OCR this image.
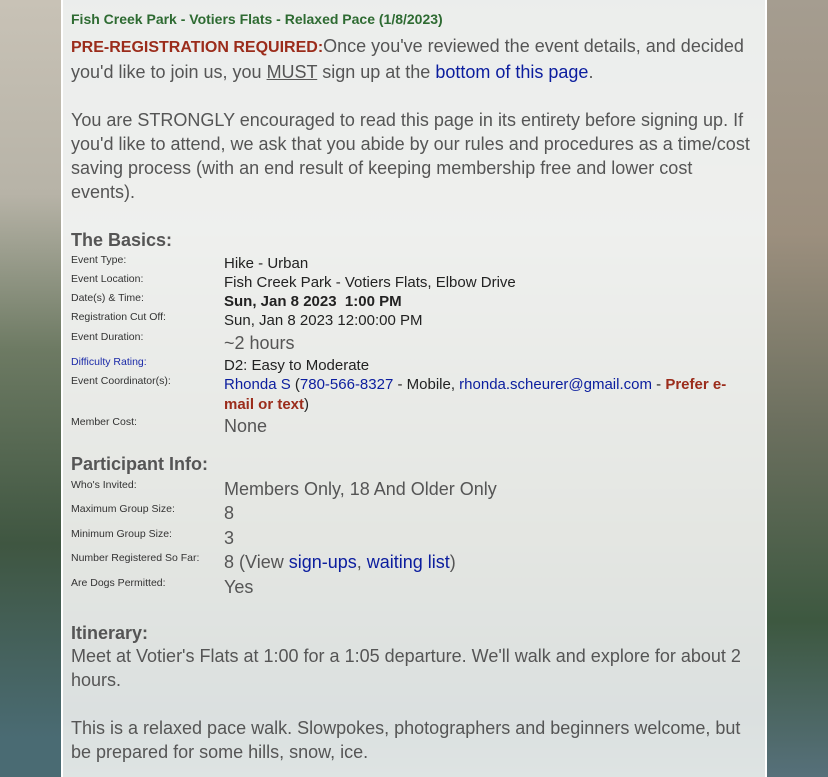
Fish Creek Park - Votiers Flats - Relaxed Pace (1/8/2023)

PRE-REGISTRATION REQUIRED:Once you've reviewed the event details, and decided you'd like to join us, you MUST sign up at the bottom of this page.

You are STRONGLY encouraged to read this page in its entirety before signing up. If you'd like to attend, we ask that you abide by our rules and procedures as a time/cost saving process (with an end result of keeping membership free and lower cost events).

The Basics:
Event Type:	Hike - Urban
Event Location:	Fish Creek Park - Votiers Flats, Elbow Drive
Date(s) & Time:	Sun, Jan 8 2023  1:00 PM
Registration Cut Off:	Sun, Jan 8 2023 12:00:00 PM
Event Duration:	~2 hours
Difficulty Rating:	D2: Easy to Moderate
Event Coordinator(s):	Rhonda S (780-566-8327 - Mobile, rhonda.scheurer@gmail.com - Prefer e-mail or text)
Member Cost:	None
Participant Info:
Who's Invited:	Members Only, 18 And Older Only
Maximum Group Size:	8
Minimum Group Size:	3
Number Registered So Far: 8 (View sign-ups, waiting list)
Are Dogs Permitted:	Yes
Itinerary:

Meet at Votier's Flats at 1:00 for a 1:05 departure. We'll walk and explore for about 2 hours.

This is a relaxed pace walk. Slowpokes, photographers and beginners welcome, but be prepared for some hills, snow, ice.
